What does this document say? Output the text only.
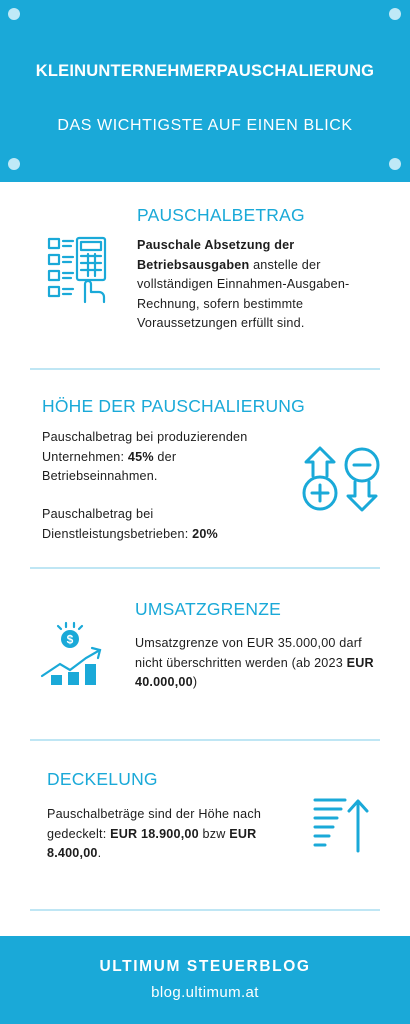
KLEINUNTERNEHMERPAUSCHALIERUNG
DAS WICHTIGSTE AUF EINEN BLICK
PAUSCHALBETRAG
Pauschale Absetzung der Betriebsausgaben anstelle der vollständigen Einnahmen-Ausgaben-Rechnung, sofern bestimmte Voraussetzungen erfüllt sind.
HÖHE DER PAUSCHALIERUNG
Pauschalbetrag bei produzierenden Unternehmen: 45% der Betriebseinnahmen.
Pauschalbetrag bei Dienstleistungsbetrieben: 20%
UMSATZGRENZE
$	Umsatzgrenze von EUR 35.000,00 darf nicht überschritten werden (ab 2023 EUR 40.000,00)
DECKELUNG
Pauschalbeträge sind der Höhe nach gedeckelt: EUR 18.900,00 bzw EUR 8.400,00.
ULTIMUM STEUERBLOG
blog.ultimum.at
